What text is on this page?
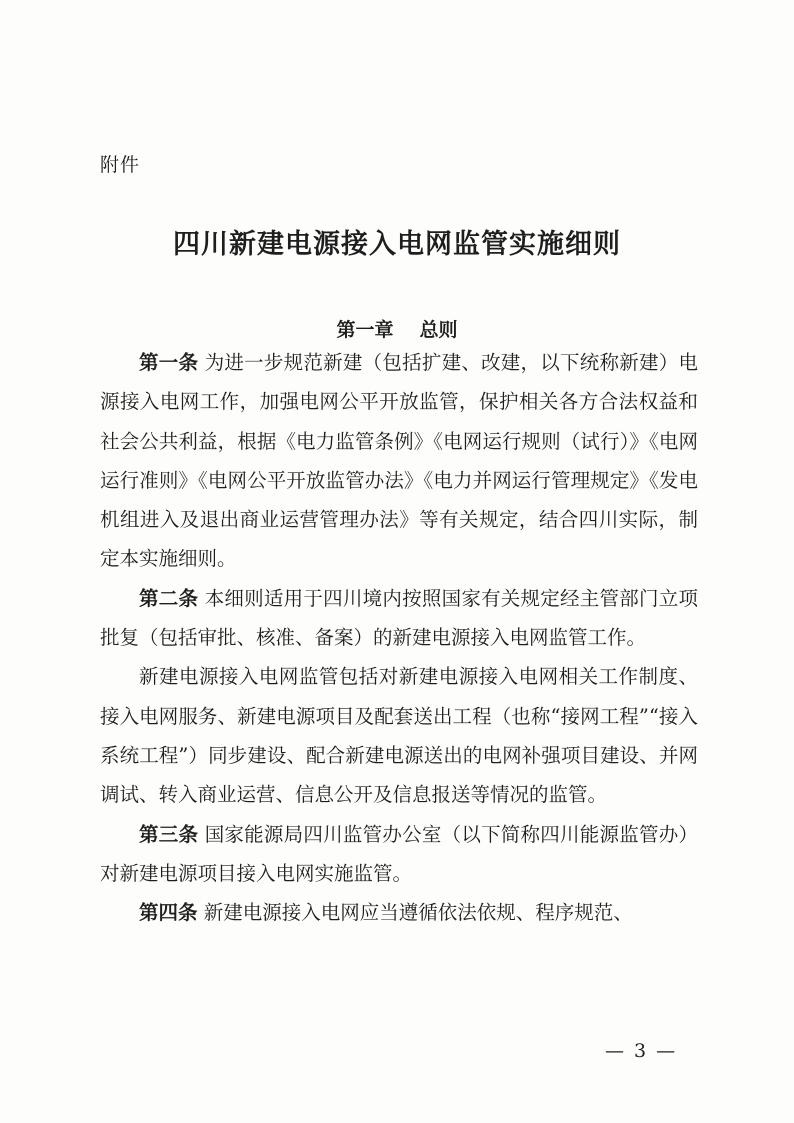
附件
四川新建电源接入电网监管实施细则
第一章 总则

第一条 为进一步规范新建（包括扩建、改建，以下统称新建）电源接入电网工作，加强电网公平开放监管，保护相关各方合法权益和社会公共利益，根据《电力监管条例》《电网运行规则（试行）》《电网运行准则》《电网公平开放监管办法》《电力并网运行管理规定》《发电机组进入及退出商业运营管理办法》等有关规定，结合四川实际，制定本实施细则。

第二条 本细则适用于四川境内按照国家有关规定经主管部门立项批复（包括审批、核准、备案）的新建电源接入电网监管工作。

新建电源接入电网监管包括对新建电源接入电网相关工作制度、接入电网服务、新建电源项目及配套送出工程（也称“接网工程”“接入系统工程”）同步建设、配合新建电源送出的电网补强项目建设、并网调试、转入商业运营、信息公开及信息报送等情况的监管。

第三条 国家能源局四川监管办公室（以下简称四川能源监管办）对新建电源项目接入电网实施监管。

第四条 新建电源接入电网应当遵循依法依规、程序规范、

— 3 —
